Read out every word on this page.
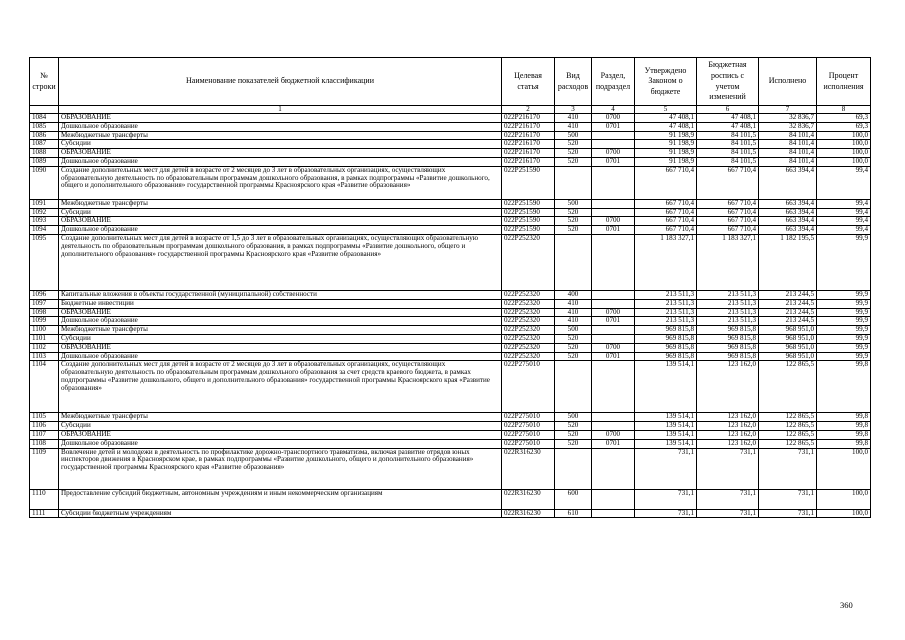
№ строки	Наименование показателей бюджетной классификации	Целевая статья	Вид расходов	Раздел, подраздел	Утверждено Законом о бюджете	Бюджетная роспись с учетом изменений	Исполнено	Процент исполнения
	1	2	3	4	5	6	7	8
1084	ОБРАЗОВАНИЕ	022P216170	410	0700	47 408,1	47 408,1	32 836,7	69,3
1085	Дошкольное образование	022P216170	410	0701	47 408,1	47 408,1	32 836,7	69,3
1086	Межбюджетные трансферты	022P216170	500		91 198,9	84 101,5	84 101,4	100,0
1087	Субсидии	022P216170	520		91 198,9	84 101,5	84 101,4	100,0
1088	ОБРАЗОВАНИЕ	022P216170	520	0700	91 198,9	84 101,5	84 101,4	100,0
1089	Дошкольное образование	022P216170	520	0701	91 198,9	84 101,5	84 101,4	100,0
1090	Создание дополнительных мест для детей в возрасте от 2 месяцев до 3 лет в образовательных организациях, осуществляющих образовательную деятельность по образовательным программам дошкольного образования, в рамках подпрограммы «Развитие дошкольного, общего и дополнительного образования» государственной программы Красноярского края «Развитие образования»	022P251590			667 710,4	667 710,4	663 394,4	99,4
1091	Межбюджетные трансферты	022P251590	500		667 710,4	667 710,4	663 394,4	99,4
1092	Субсидии	022P251590	520		667 710,4	667 710,4	663 394,4	99,4
1093	ОБРАЗОВАНИЕ	022P251590	520	0700	667 710,4	667 710,4	663 394,4	99,4
1094	Дошкольное образование	022P251590	520	0701	667 710,4	667 710,4	663 394,4	99,4
1095	Создание дополнительных мест для детей в возрасте от 1,5 до 3 лет в образовательных организациях, осуществляющих образовательную деятельность по образовательным программам дошкольного образования, в рамках подпрограммы «Развитие дошкольного, общего и дополнительного образования» государственной программы Красноярского края «Развитие образования»	022P252320			1 183 327,1	1 183 327,1	1 182 195,5	99,9
1096	Капитальные вложения в объекты государственной (муниципальной) собственности	022P252320	400		213 511,3	213 511,3	213 244,5	99,9
1097	Бюджетные инвестиции	022P252320	410		213 511,3	213 511,3	213 244,5	99,9
1098	ОБРАЗОВАНИЕ	022P252320	410	0700	213 511,3	213 511,3	213 244,5	99,9
1099	Дошкольное образование	022P252320	410	0701	213 511,3	213 511,3	213 244,5	99,9
1100	Межбюджетные трансферты	022P252320	500		969 815,8	969 815,8	968 951,0	99,9
1101	Субсидии	022P252320	520		969 815,8	969 815,8	968 951,0	99,9
1102	ОБРАЗОВАНИЕ	022P252320	520	0700	969 815,8	969 815,8	968 951,0	99,9
1103	Дошкольное образование	022P252320	520	0701	969 815,8	969 815,8	968 951,0	99,9
1104	Создание дополнительных мест для детей в возрасте от 2 месяцев до 3 лет в образовательных организациях, осуществляющих образовательную деятельность по образовательным программам дошкольного образования за счет средств краевого бюджета, в рамках подпрограммы «Развитие дошкольного, общего и дополнительного образования» государственной программы Красноярского края «Развитие образования»	022P275010			139 514,1	123 162,0	122 865,5	99,8
1105	Межбюджетные трансферты	022P275010	500		139 514,1	123 162,0	122 865,5	99,8
1106	Субсидии	022P275010	520		139 514,1	123 162,0	122 865,5	99,8
1107	ОБРАЗОВАНИЕ	022P275010	520	0700	139 514,1	123 162,0	122 865,5	99,8
1108	Дошкольное образование	022P275010	520	0701	139 514,1	123 162,0	122 865,5	99,8
1109	Вовлечение детей и молодежи в деятельность по профилактике дорожно-транспортного травматизма, включая развитие отрядов юных инспекторов движения в Красноярском крае, в рамках подпрограммы «Развитие дошкольного, общего и дополнительного образования» государственной программы Красноярского края «Развитие образования»	022R316230			731,1	731,1	731,1	100,0
1110	Предоставление субсидий бюджетным, автономным учреждениям и иным некоммерческим организациям	022R316230	600		731,1	731,1	731,1	100,0
1111	Субсидии бюджетным учреждениям	022R316230	610		731,1	731,1	731,1	100,0
360
